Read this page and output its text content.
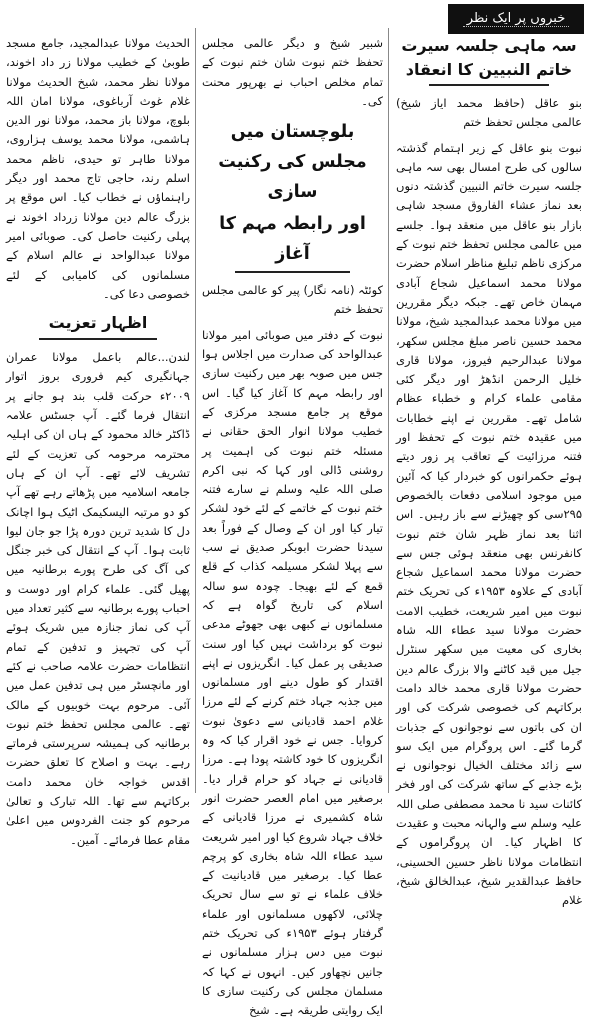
خبروں پر ایک نظر
سہ ماہی جلسہ سیرت خاتم النبیین کا انعقاد

بنو عاقل (حافظ محمد ایاز شیخ) عالمی مجلس تحفظ ختم

نبوت بنو عاقل کے زیر اہتمام گذشتہ سالوں کی طرح امسال بھی سہ ماہی جلسہ سیرت خاتم النبیین گذشتہ دنوں بعد نماز عشاء الفاروق مسجد شاہی بازار بنو عاقل میں منعقد ہوا۔ جلسے میں عالمی مجلس تحفظ ختم نبوت کے مرکزی ناظم تبلیغ مناظر اسلام حضرت مولانا محمد اسماعیل شجاع آبادی مہمان خاص تھے۔ جبکہ دیگر مقررین میں مولانا محمد عبدالمجید شیخ، مولانا محمد حسین ناصر مبلغ مجلس سکھر، مولانا عبدالرحیم فیروز، مولانا قاری خلیل الرحمن انڈھڑ اور دیگر کئی مقامی علماء کرام و خطباء عظام شامل تھے۔ مقررین نے اپنے خطابات میں عقیدہ ختم نبوت کے تحفظ اور فتنہ مرزائیت کے تعاقب پر زور دیتے ہوئے حکمرانوں کو خبردار کیا کہ آئین میں موجود اسلامی دفعات بالخصوص ۲۹۵سی کو چھیڑنے سے باز رہیں۔ اس اثنا بعد نماز ظہر شان ختم نبوت کانفرنس بھی منعقد ہوئی جس سے حضرت مولانا محمد اسماعیل شجاع آبادی کے علاوہ ۱۹۵۳ء کی تحریک ختم نبوت میں امیر شریعت، خطیب الامت حضرت مولانا سید عطاء اللہ شاہ بخاری کی معیت میں سکھر سنٹرل جیل میں قید کاٹنے والا بزرگ عالم دین حضرت مولانا قاری محمد خالد دامت برکاتہم کی خصوصی شرکت کی اور ان کی باتوں سے نوجوانوں کے جذبات گرما گئے۔ اس پروگرام میں ایک سو سے زائد مختلف الخیال نوجوانوں نے بڑے جذبے کے ساتھ شرکت کی اور فخر کائنات سید نا محمد مصطفی صلی اللہ علیہ وسلم سے والہانہ محبت و عقیدت کا اظہار کیا۔ ان پروگراموں کے انتظامات مولانا ناظر حسین الحسینی، حافظ عبدالقدیر شیخ، عبدالخالق شیخ، غلام

شبیر شیخ و دیگر عالمی مجلس تحفظ ختم نبوت شان ختم نبوت کے تمام مخلص احباب نے بھرپور محنت کی۔

بلوچستان میں مجلس کی رکنیت سازی
اور رابطہ مہم کا آغاز

کوئٹہ (نامہ نگار) پیر کو عالمی مجلس تحفظ ختم

نبوت کے دفتر میں صوبائی امیر مولانا عبدالواحد کی صدارت میں اجلاس ہوا جس میں صوبہ بھر میں رکنیت سازی اور رابطہ مہم کا آغاز کیا گیا۔ اس موقع پر جامع مسجد مرکزی کے خطیب مولانا انوار الحق حقانی نے مسئلہ ختم نبوت کی اہمیت پر روشنی ڈالی اور کہا کہ نبی اکرم صلی اللہ علیہ وسلم نے سارے فتنہ ختم نبوت کے خاتمے کے لئے خود لشکر تیار کیا اور ان کے وصال کے فوراً بعد سیدنا حضرت ابوبکر صدیق نے سب سے پہلا لشکر مسیلمہ کذاب کے قلع قمع کے لئے بھیجا۔ چودہ سو سالہ اسلام کی تاریخ گواہ ہے کہ مسلمانوں نے کبھی بھی جھوٹے مدعی نبوت کو برداشت نہیں کیا اور سنت صدیقی پر عمل کیا۔ انگریزوں نے اپنے اقتدار کو طول دینے اور مسلمانوں میں جذبہ جہاد ختم کرنے کے لئے مرزا غلام احمد قادیانی سے دعویٰ نبوت کروایا۔ جس نے خود اقرار کیا کہ وہ انگریزوں کا خود کاشتہ پودا ہے۔ مرزا قادیانی نے جہاد کو حرام قرار دیا۔ برصغیر میں امام العصر حضرت انور شاہ کشمیری نے مرزا قادیانی کے خلاف جہاد شروع کیا اور امیر شریعت سید عطاء اللہ شاہ بخاری کو پرچم عطا کیا۔ برصغیر میں قادیانیت کے خلاف علماء نے تو سے سال تحریک چلائی، لاکھوں مسلمانوں اور علماء گرفتار ہوئے ۱۹۵۳ء کی تحریک ختم نبوت میں دس ہزار مسلمانوں نے جانیں نچھاور کیں۔ انہوں نے کہا کہ مسلمان مجلس کی رکنیت سازی کا ایک روایتی طریقہ ہے۔ شیخ

الحدیث مولانا عبدالمجید، جامع مسجد طوبیٰ کے خطیب مولانا زر داد اخوند، مولانا نظر محمد، شیخ الحدیث مولانا غلام غوث آرباغوی، مولانا امان اللہ بلوچ، مولانا باز محمد، مولانا نور الدین ہاشمی، مولانا محمد یوسف ہزاروی، مولانا طاہر تو حیدی، ناظم محمد اسلم رند، حاجی تاج محمد اور دیگر راہنماؤں نے خطاب کیا۔ اس موقع پر بزرگ عالم دین مولانا زرداد اخوند نے پہلی رکنیت حاصل کی۔ صوبائی امیر مولانا عبدالواحد نے عالم اسلام کے مسلمانوں کی کامیابی کے لئے خصوصی دعا کی۔

اظہار تعزیت

لندن...عالم باعمل مولانا عمران جہانگیری کیم فروری بروز اتوار ۲۰۰۹ء حرکت قلب بند ہو جانے پر انتقال فرما گئے۔ آپ جسٹس علامہ ڈاکٹر خالد محمود کے ہاں ان کی اہلیہ محترمہ مرحومہ کی تعزیت کے لئے تشریف لائے تھے۔ آپ ان کے ہاں جامعہ اسلامیہ میں پڑھاتے رہے تھے آپ کو دو مرتبہ الیسکیمک اٹیک ہوا اچانک دل کا شدید ترین دورہ پڑا جو جان لیوا ثابت ہوا۔ آپ کے انتقال کی خبر جنگل کی آگ کی طرح پورے برطانیہ میں پھیل گئی۔ علماء کرام اور دوست و احباب پورے برطانیہ سے کثیر تعداد میں آپ کی نماز جنازہ میں شریک ہوئے آپ کی تجہیز و تدفین کے تمام انتظامات حضرت علامہ صاحب نے کئے اور مانچسٹر میں ہی تدفین عمل میں آئی۔ مرحوم بہت خوبیوں کے مالک تھے۔ عالمی مجلس تحفظ ختم نبوت برطانیہ کی ہمیشہ سرپرستی فرماتے رہے۔ بہت و اصلاح کا تعلق حضرت اقدس خواجہ خان محمد دامت برکاتہم سے تھا۔ اللہ تبارک و تعالیٰ مرحوم کو جنت الفردوس میں اعلیٰ مقام عطا فرمائے۔ آمین۔
